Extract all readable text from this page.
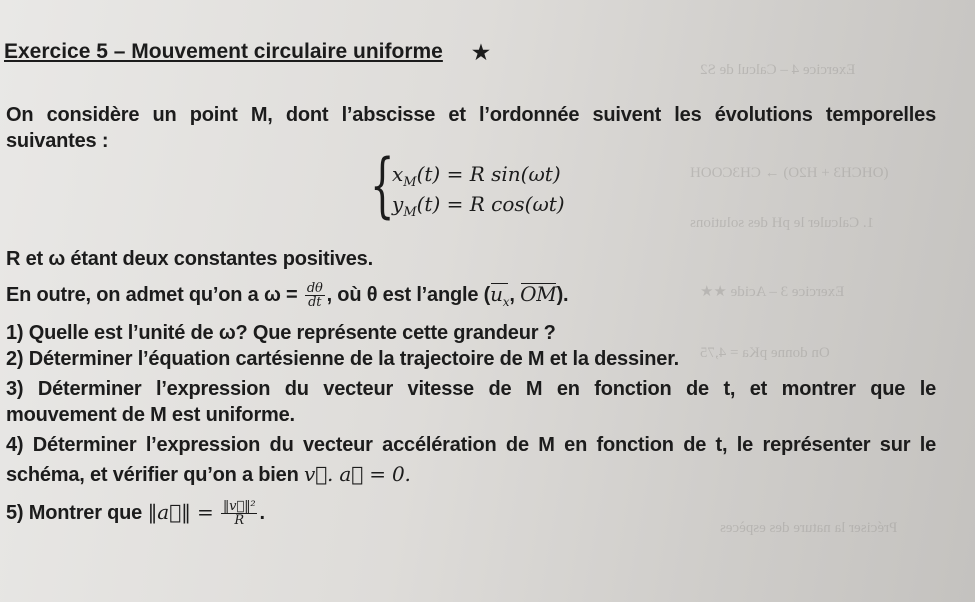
Exercice 4 – Calcul de S2
(OHCH3 + H2O) → CH3COOH
1. Calculer le pH des solutions
Exercice 3 – Acide ★★
On donne pKa = 4,75
Préciser la nature des espèces
Exercice 5 – Mouvement circulaire uniforme ★
On considère un point M, dont l’abscisse et l’ordonnée suivent les évolutions temporelles
suivantes :
{
$x_M(t) = R$ sin(ωt)
$y_M(t) = R$ cos(ωt)
R et ω étant deux constantes positives.
En outre, on admet qu’on a $\omega = \frac{d\theta}{dt}$ , où θ est l’angle ($u_x$, OM).
1) Quelle est l’unité de ω? Que représente cette grandeur ?
2) Déterminer l’équation cartésienne de la trajectoire de M et la dessiner.
3) Déterminer l’expression du vecteur vitesse de M en fonction de t, et montrer que le
mouvement de M est uniforme.
4) Déterminer l’expression du vecteur accélération de M en fonction de t, le représenter sur le
schéma, et vérifier qu’on a bien v⃗. a⃗ = 0.
5) Montrer que ‖a⃗‖ = $\frac{\text{‖v⃗‖²}}{R}$ .
